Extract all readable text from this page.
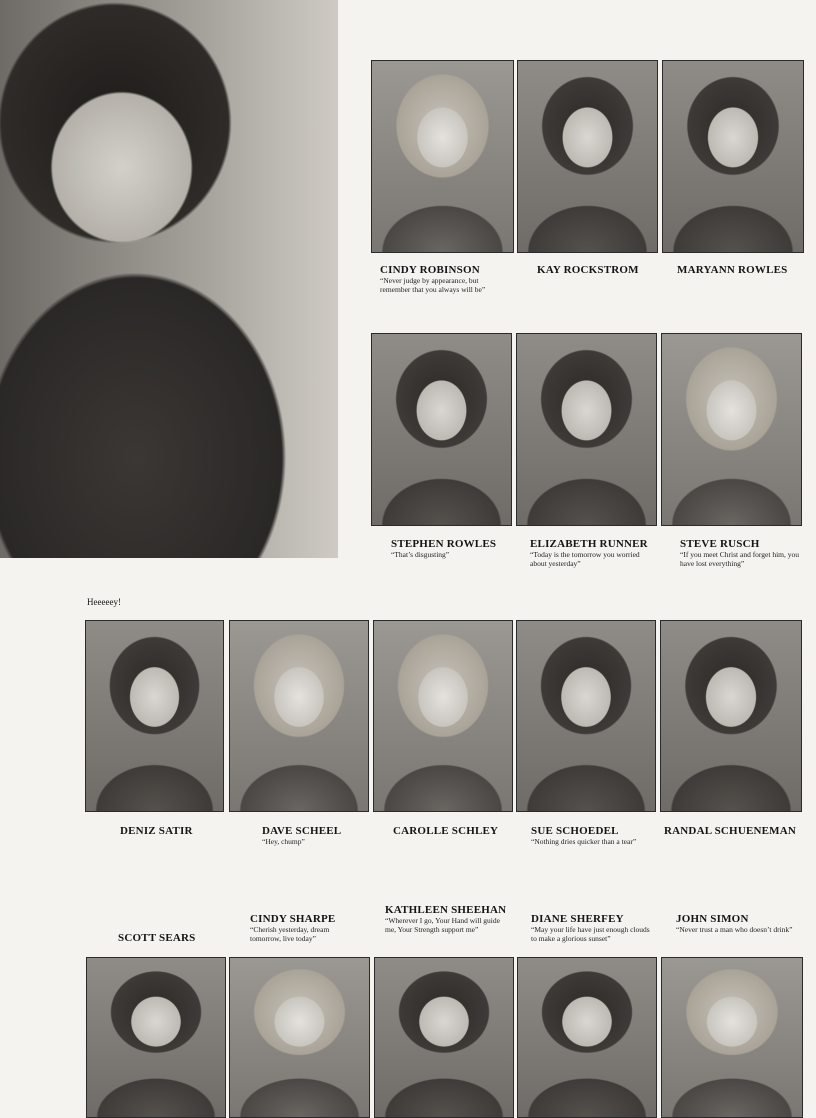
Heeeeey!

CINDY ROBINSON

“Never judge by appearance, but remember that you always will be”

KAY ROCKSTROM	MARYANN ROWLES

STEPHEN ROWLES

“That’s disgusting”

ELIZABETH RUNNER

“Today is the tomorrow you worried about yesterday”

STEVE RUSCH

“If you meet Christ and forget him, you have lost everything”

DENIZ SATIR	DAVE SCHEEL

“Hey, chump”

CAROLLE SCHLEY	SUE SCHOEDEL

“Nothing dries quicker than a tear”

RANDAL SCHUENEMAN

SCOTT SEARS

CINDY SHARPE

“Cherish yesterday, dream tomorrow, live today”

KATHLEEN SHEEHAN

“Wherever I go, Your Hand will guide me, Your Strength support me”

DIANE SHERFEY

“May your life have just enough clouds to make a glorious sunset”

JOHN SIMON

“Never trust a man who doesn’t drink”
